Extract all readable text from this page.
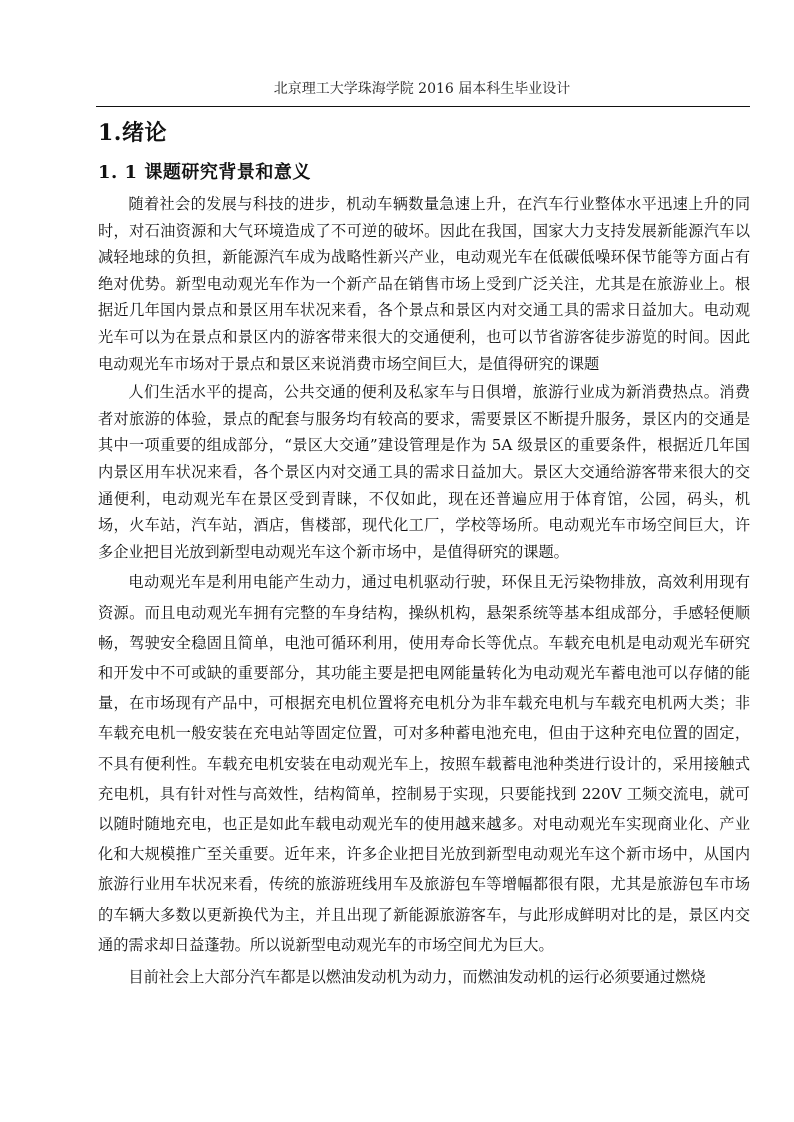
北京理工大学珠海学院 2016 届本科生毕业设计
1.绪论
1. 1 课题研究背景和意义

随着社会的发展与科技的进步，机动车辆数量急速上升，在汽车行业整体水平迅速上升的同时，对石油资源和大气环境造成了不可逆的破坏。因此在我国，国家大力支持发展新能源汽车以减轻地球的负担，新能源汽车成为战略性新兴产业，电动观光车在低碳低噪环保节能等方面占有绝对优势。新型电动观光车作为一个新产品在销售市场上受到广泛关注，尤其是在旅游业上。根据近几年国内景点和景区用车状况来看，各个景点和景区内对交通工具的需求日益加大。电动观光车可以为在景点和景区内的游客带来很大的交通便利，也可以节省游客徒步游览的时间。因此电动观光车市场对于景点和景区来说消费市场空间巨大，是值得研究的课题

人们生活水平的提高，公共交通的便利及私家车与日俱增，旅游行业成为新消费热点。消费者对旅游的体验，景点的配套与服务均有较高的要求，需要景区不断提升服务，景区内的交通是其中一项重要的组成部分，“景区大交通”建设管理是作为 5A 级景区的重要条件，根据近几年国内景区用车状况来看，各个景区内对交通工具的需求日益加大。景区大交通给游客带来很大的交通便利，电动观光车在景区受到青睐，不仅如此，现在还普遍应用于体育馆，公园，码头，机场，火车站，汽车站，酒店，售楼部，现代化工厂，学校等场所。电动观光车市场空间巨大，许多企业把目光放到新型电动观光车这个新市场中，是值得研究的课题。

电动观光车是利用电能产生动力，通过电机驱动行驶，环保且无污染物排放，高效利用现有资源。而且电动观光车拥有完整的车身结构，操纵机构，悬架系统等基本组成部分，手感轻便顺畅，驾驶安全稳固且简单，电池可循环利用，使用寿命长等优点。车载充电机是电动观光车研究和开发中不可或缺的重要部分，其功能主要是把电网能量转化为电动观光车蓄电池可以存储的能量，在市场现有产品中，可根据充电机位置将充电机分为非车载充电机与车载充电机两大类；非车载充电机一般安装在充电站等固定位置，可对多种蓄电池充电，但由于这种充电位置的固定，不具有便利性。车载充电机安装在电动观光车上，按照车载蓄电池种类进行设计的，采用接触式充电机，具有针对性与高效性，结构简单，控制易于实现，只要能找到 220V 工频交流电，就可以随时随地充电，也正是如此车载电动观光车的使用越来越多。对电动观光车实现商业化、产业化和大规模推广至关重要。近年来，许多企业把目光放到新型电动观光车这个新市场中，从国内旅游行业用车状况来看，传统的旅游班线用车及旅游包车等增幅都很有限，尤其是旅游包车市场的车辆大多数以更新换代为主，并且出现了新能源旅游客车，与此形成鲜明对比的是，景区内交通的需求却日益蓬勃。所以说新型电动观光车的市场空间尤为巨大。

目前社会上大部分汽车都是以燃油发动机为动力，而燃油发动机的运行必须要通过燃烧
